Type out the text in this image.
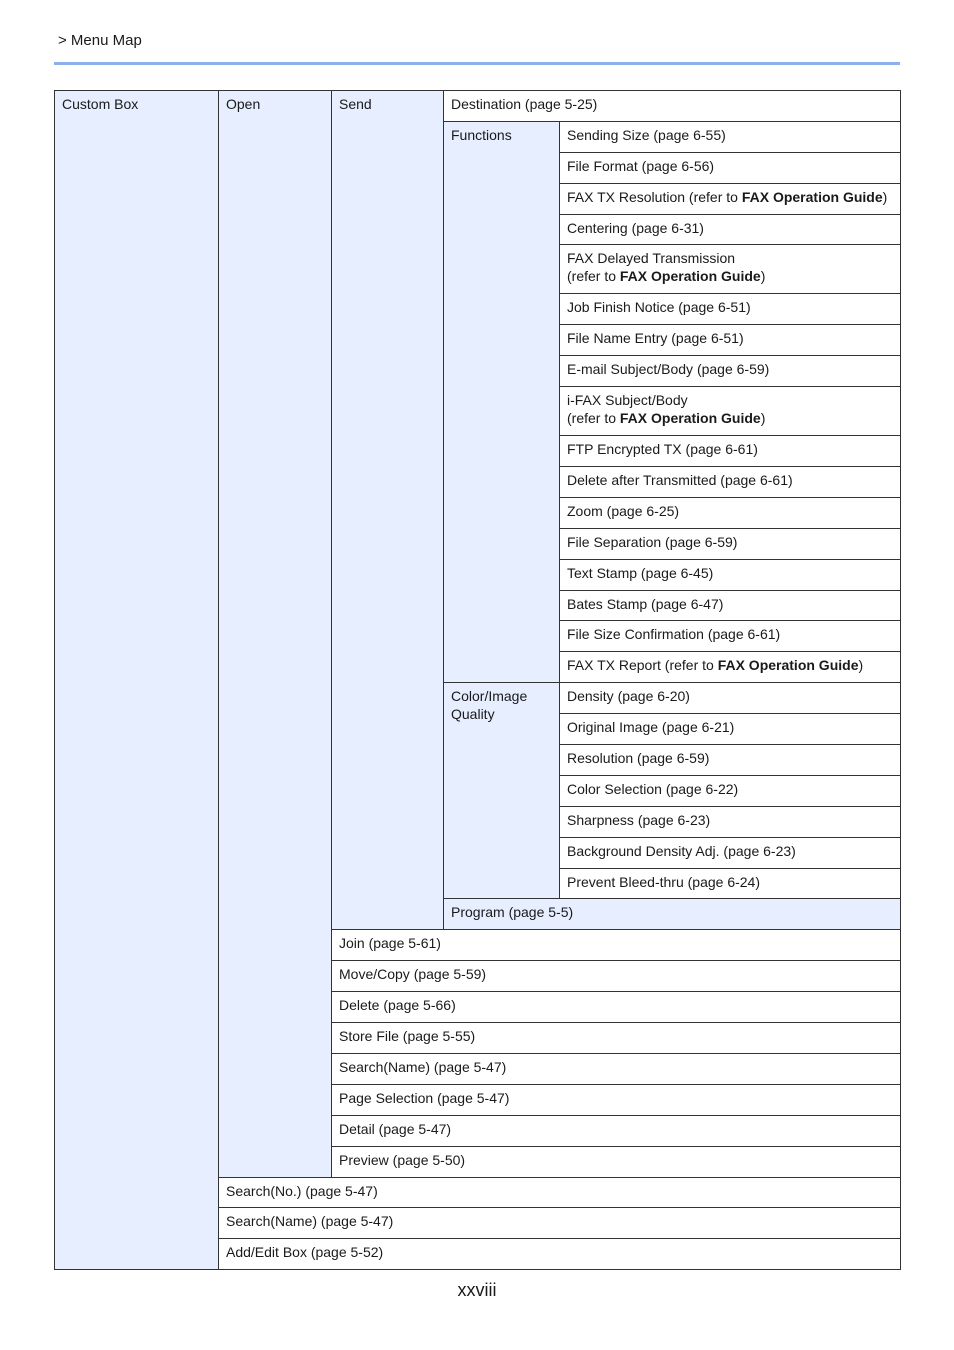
> Menu Map
Custom Box	Open	Send	Destination (page 5-25)	
			Functions	Sending Size (page 6-55)
				File Format (page 6-56)
				FAX TX Resolution (refer to FAX Operation Guide)
				Centering (page 6-31)
				FAX Delayed Transmission
(refer to FAX Operation Guide)
				Job Finish Notice (page 6-51)
				File Name Entry (page 6-51)
				E-mail Subject/Body (page 6-59)
				i-FAX Subject/Body
(refer to FAX Operation Guide)
				FTP Encrypted TX (page 6-61)
				Delete after Transmitted (page 6-61)
				Zoom (page 6-25)
				File Separation (page 6-59)
				Text Stamp (page 6-45)
				Bates Stamp (page 6-47)
				File Size Confirmation (page 6-61)
				FAX TX Report (refer to FAX Operation Guide)
			Color/Image Quality	Density (page 6-20)
				Original Image (page 6-21)
				Resolution (page 6-59)
				Color Selection (page 6-22)
				Sharpness (page 6-23)
				Background Density Adj. (page 6-23)
				Prevent Bleed-thru (page 6-24)
			Program (page 5-5)	
		Join (page 5-61)		
		Move/Copy (page 5-59)		
		Delete (page 5-66)		
		Store File (page 5-55)		
		Search(Name) (page 5-47)		
		Page Selection (page 5-47)		
		Detail (page 5-47)		
		Preview (page 5-50)		
	Search(No.) (page 5-47)			
	Search(Name) (page 5-47)			
	Add/Edit Box (page 5-52)			
xxviii
